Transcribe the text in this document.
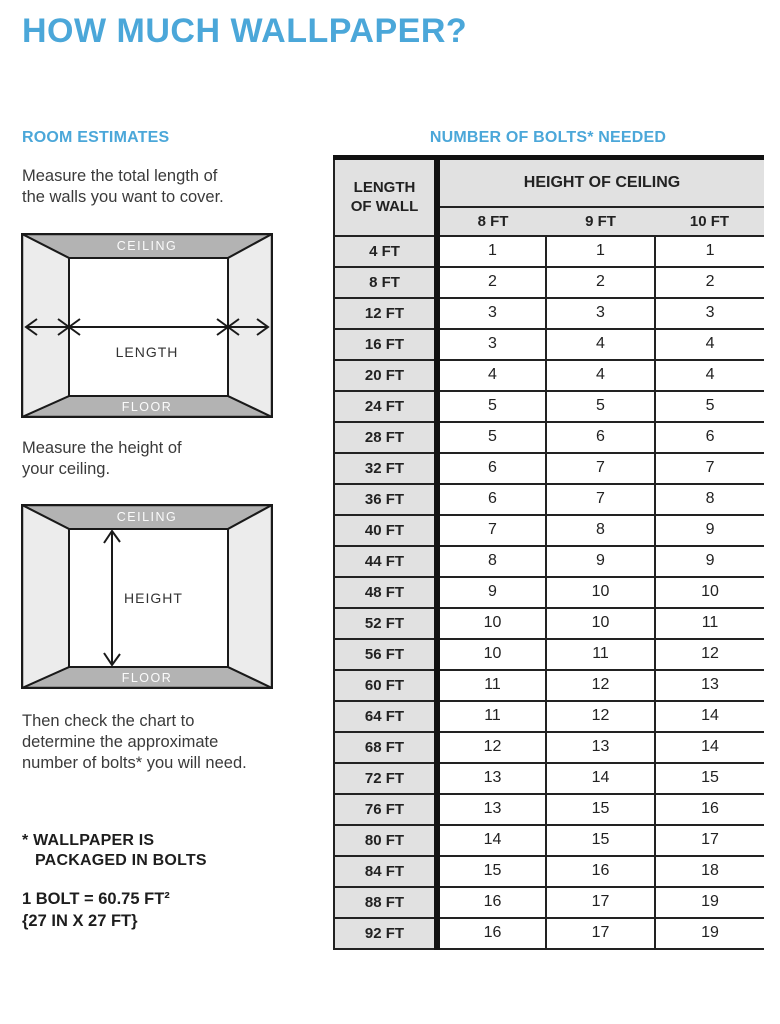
HOW MUCH WALLPAPER?
ROOM ESTIMATES	NUMBER OF BOLTS* NEEDED
Measure the total length of
the walls you want to cover.
CEILING
FLOOR
LENGTH
Measure the height of
your ceiling.
CEILING
FLOOR
HEIGHT
Then check the chart to
determine the approximate
number of bolts* you will need.
* WALLPAPER IS
PACKAGED IN BOLTS
1 BOLT = 60.75 FT²
{27 IN X 27 FT}
LENGTH
OF WALL	HEIGHT OF CEILING		
	8 FT	9 FT	10 FT
4 FT	1	1	1
8 FT	2	2	2
12 FT	3	3	3
16 FT	3	4	4
20 FT	4	4	4
24 FT	5	5	5
28 FT	5	6	6
32 FT	6	7	7
36 FT	6	7	8
40 FT	7	8	9
44 FT	8	9	9
48 FT	9	10	10
52 FT	10	10	11
56 FT	10	11	12
60 FT	11	12	13
64 FT	11	12	14
68 FT	12	13	14
72 FT	13	14	15
76 FT	13	15	16
80 FT	14	15	17
84 FT	15	16	18
88 FT	16	17	19
92 FT	16	17	19
